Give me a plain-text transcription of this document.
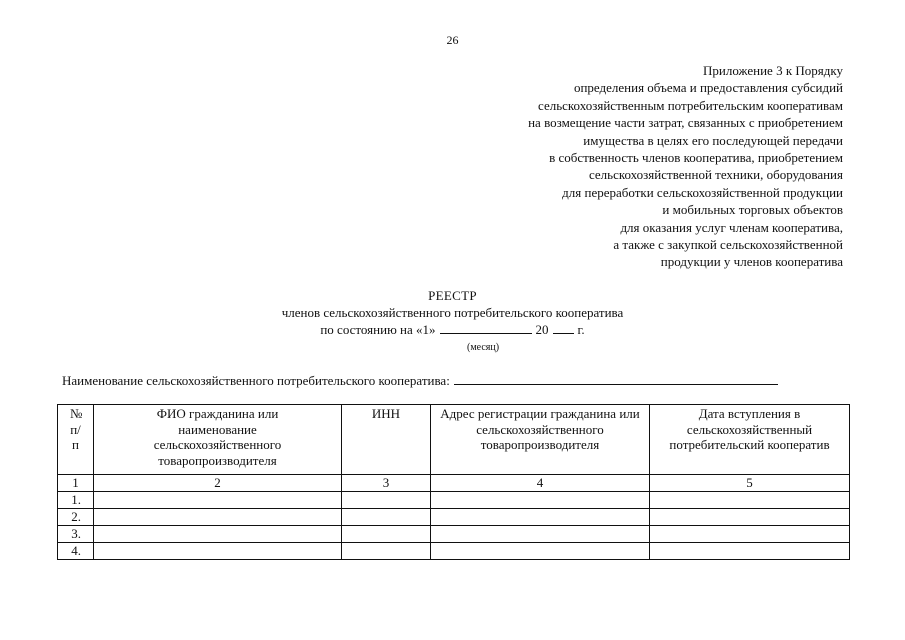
26
Приложение 3 к Порядку
определения объема и предоставления субсидий
сельскохозяйственным потребительским кооперативам
на возмещение части затрат, связанных с приобретением
имущества в целях его последующей передачи
в собственность членов кооператива, приобретением
сельскохозяйственной техники, оборудования
для переработки сельскохозяйственной продукции
и мобильных торговых объектов
для оказания услуг членам кооператива,
а также с закупкой сельскохозяйственной
продукции у членов кооператива
РЕЕСТР
членов сельскохозяйственного потребительского кооператива
по состоянию на «1»	20 г.
(месяц)
Наименование сельскохозяйственного потребительского кооператива:
№ п/п	ФИО гражданина или наименование сельскохозяйственного товаропроизводителя	ИНН	Адрес регистрации гражданина или сельскохозяйственного товаропроизводителя	Дата вступления в сельскохозяйственный потребительский кооператив
1	2	3	4	5
1.				
2.				
3.				
4.				
